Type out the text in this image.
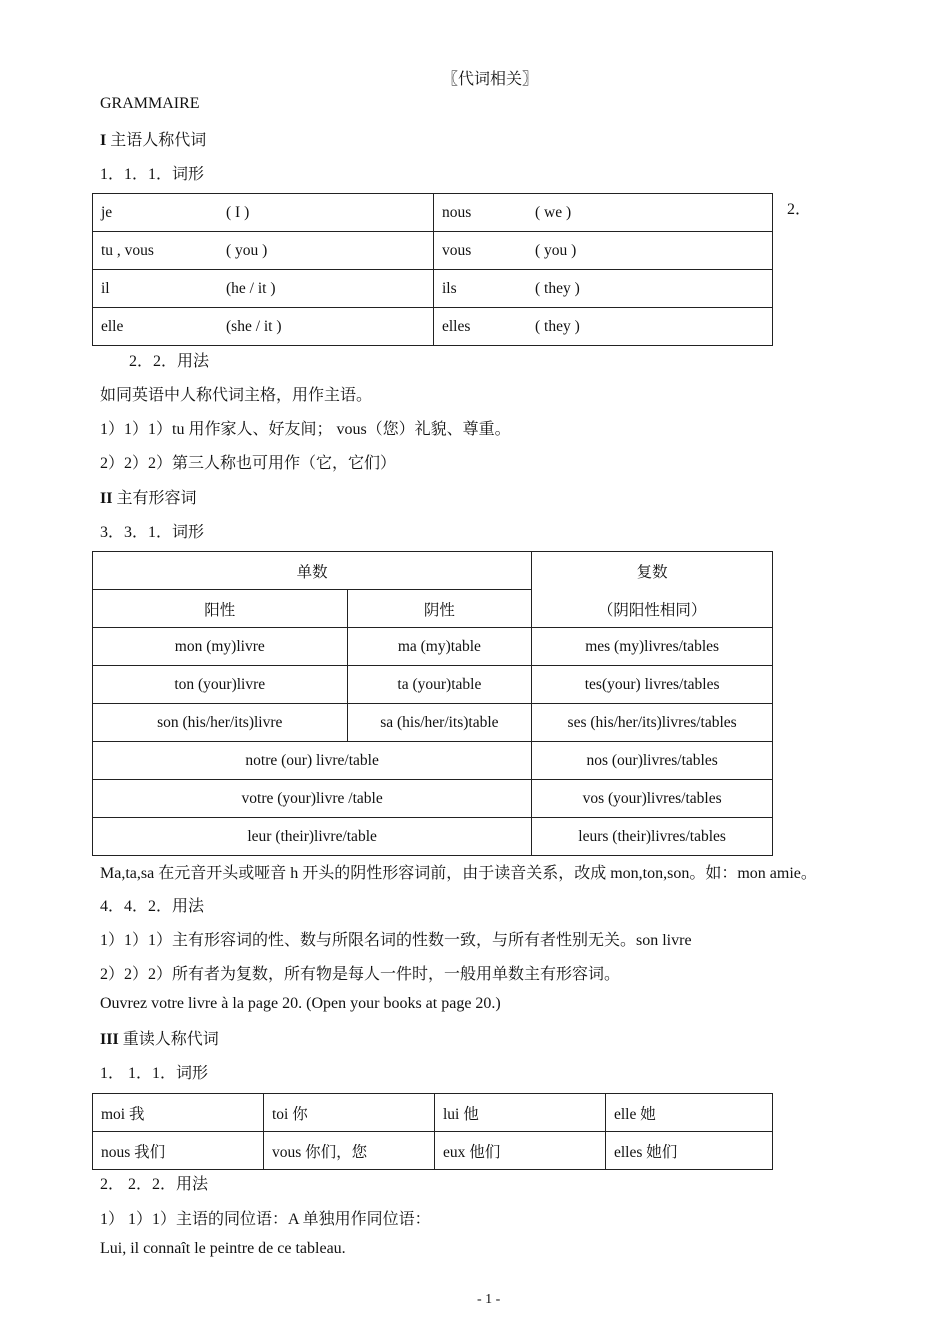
〖代词相关〗
GRAMMAIRE
I 主语人称代词
1．1．1．词形
2．
je ( I )	nous ( we )
tu , vous ( you )	vous ( you )
il (he / it )	ils ( they )
elle (she / it )	elles ( they )
2．2．用法
如同英语中人称代词主格，用作主语。
1）1）1）tu 用作家人、好友间； vous（您）礼貌、尊重。
2）2）2）第三人称也可用作（它，它们）
II 主有形容词
3．3．1．词形
单数		复数
（阴阳性相同）

阳性	阴性	
mon (my)livre	ma (my)table	mes (my)livres/tables
ton (your)livre	ta (your)table	tes(your) livres/tables
son (his/her/its)livre	sa (his/her/its)table	ses (his/her/its)livres/tables
notre (our) livre/table		nos (our)livres/tables
votre (your)livre /table		vos (your)livres/tables
leur (their)livre/table		leurs (their)livres/tables
Ma,ta,sa 在元音开头或哑音 h 开头的阴性形容词前，由于读音关系，改成 mon,ton,son。如：mon amie。
4．4．2．用法
1）1）1）主有形容词的性、数与所限名词的性数一致，与所有者性别无关。son livre
2）2）2）所有者为复数，所有物是每人一件时，一般用单数主有形容词。
Ouvrez votre livre à la page 20. (Open your books at page 20.)
III 重读人称代词
1． 1．1．词形
moi 我	toi 你	lui 他	elle 她
nous 我们	vous 你们，您	eux 他们	elles 她们
2． 2．2．用法
1） 1）1）主语的同位语：A 单独用作同位语：
Lui, il connaît le peintre de ce tableau.
- 1 -
